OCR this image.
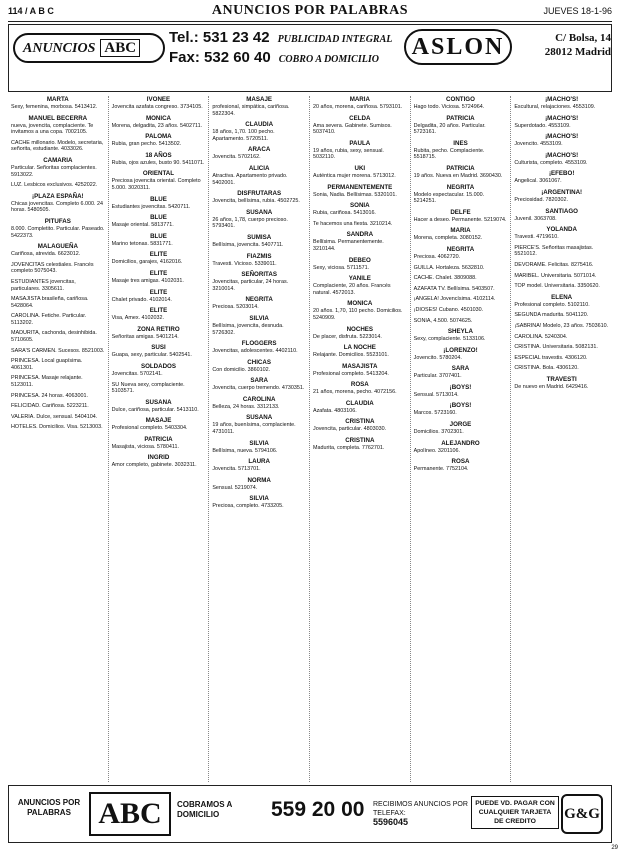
114 / A B C	ANUNCIOS POR PALABRAS	JUEVES 18-1-96
ANUNCIOS ABC
Tel.: 531 23 42 PUBLICIDAD INTEGRAL
Fax: 532 60 40 COBRO A DOMICILIO	ASLON	C/ Bolsa, 14
28012 Madrid
MARTA
Sexy, femenina, morbosa. 5413412.
MANUEL BECERRA
nueva, jovencita, complaciente. Te invitamos a una copa. 7002105.
CACHE millonario. Modelo, secretaria, señorita, estudiante. 4033026.
CAMARIA
Particular. Señoritas complacientes. 5913022.
LUZ. Lesbicos exclusivos. 4252022.
¡PLAZA ESPAÑA!
Chicas jovencitas. Completo 6.000. 24 horas. 5480505.
PITUFAS
8.000. Completito. Particular. Paseado. 5422373.
MALAGUEÑA
Cariñosa, atrevida. 6623012.
JOVENCITAS celestiales. Francés completo 5075043.
ESTUDIANTES jovencitas, particulares. 3305611.
MASAJISTA brasileña, cariñosa. 5428064.
CAROLINA. Fetiche. Particular. 5113202.
MADURITA, cachonda, desinhibida. 5710605.
SARA'S CARMEN. Sucesos. 8521003.
PRINCESA. Local guapísima. 4061301.
PRINCESA. Masaje relajante. 5123011.
PRINCESA. 24 horas. 4063001.
FELICIDAD. Cariñosa. 5223211.
VALERIA. Dulce, sensual. 5404104.
HOTELES. Domicilios. Visa. 5213003.
IVONEE
Jovencita azafata congreso. 3734105.
MONICA
Morena, delgadita, 23 años. 5402711.
PALOMA
Rubia, gran pecho. 5413502.
18 AÑOS
Rubia, ojos azules, busto 90. 5411071.
ORIENTAL
Preciosa jovencita oriental. Completo 5.000. 3020311.
BLUE
Estudiantes jovencitas. 5420711.
BLUE
Masaje oriental. 5813771.
BLUE
Marino tetonas. 5831771.
ELITE
Domicilios, garajes, 4162016.
ELITE
Masaje tres amigas. 4102031.
ELITE
Chalet privado. 4102014.
ELITE
Visa, Amex. 4102032.
ZONA RETIRO
Señoritas amigas. 5401214.
SUSI
Guapa, sexy, particular. 5402541.
SOLDADOS
Jovencitas. 5702141.
SU Nueva sexy, complaciente. 5103571.
SUSANA
Dulce, cariñosa, particular. 5413110.
MASAJE
Profesional completo. 5403304.
PATRICIA
Masajista, viciosa. 5780411.
INGRID
Amor completo, gabinete. 3032311.
MASAJE
profesional, simpática, cariñosa. 5822304.
CLAUDIA
18 años, 1,70. 100 pecho. Apartamento. 5720511.
ARACA
Jovencita. 5702162.
ALICIA
Atractiva. Apartamento privado. 5402001.
DISFRUTARAS
Jovencita, bellísima, rubia. 4502725.
SUSANA
26 años, 1,78, cuerpo precioso. 5793401.
SUMISA
Bellísima, jovencita. 5407711.
FIAZMIS
Travesti. Vicioso. 5339011.
SEÑORITAS
Jovencitas, particular, 24 horas. 3210014.
NEGRITA
Preciosa. 5203014.
SILVIA
Bellísima, jovencita, desnuda. 5726302.
FLOGGERS
Jovencitas, adolescentes. 4402110.
CHICAS
Con domicilio. 3860102.
SARA
Jovencita, cuerpo tremendo. 4730351.
CAROLINA
Belleza, 24 horas. 3312133.
SUSANA
19 años, buenísima, complaciente. 4731011.
SILVIA
Bellísima, nueva. 5794106.
LAURA
Jovencita. 5713701.
NORMA
Sensual. 5219074.
SILVIA
Preciosa, completo. 4733205.
MARIA
20 años, morena, cariñosa. 5793101.
CELDA
Ama severa. Gabinete. Sumisos. 5037410.
PAULA
19 años, rubia, sexy, sensual. 5032110.
UKI
Auténtica mujer morena. 5713012.
PERMANENTEMENTE
Sonia, Nadia. Bellísimas. 5320101.
SONIA
Rubia, cariñosa. 5413016.
Te hacemos una fiesta. 3210214.
SANDRA
Bellísima. Permanentemente. 3210144.
DEBEO
Sexy, viciosa. 5711571.
YANILE
Complaciente, 20 años. Francés natural. 4572013.
MONICA
20 años. 1,70, 110 pecho. Domicilios. 5240909.
NOCHES
De placer, disfruta. 5223014.
LA NOCHE
Relajante. Domicilios. 5523101.
MASAJISTA
Profesional completo. 5413204.
ROSA
21 años, morena, pecho. 4072156.
CLAUDIA
Azafata. 4803106.
CRISTINA
Jovencita, particular. 4803030.
CRISTINA
Madurita, completa. 7762701.
CONTIGO
Hago todo. Viciosa. 5724964.
PATRICIA
Delgadita, 20 años. Particular. 5723161.
INES
Rubita, pecho. Complaciente. 5518715.
PATRICIA
19 años. Nueva en Madrid. 3690430.
NEGRITA
Modelo espectacular. 15.000. 5214251.
DELFE
Hacer a deseo. Permanente. 5219074.
MARIA
Morena, completa. 3080152.
NEGRITA
Preciosa. 4062720.
GUILLA. Hortaleza. 5632810.
CACHE. Chalet. 3809088.
AZAFATA TV. Bellísima. 5403507.
¡ANGELA! Jovencísima. 4102114.
¡DIOSES! Cubano. 4501030.
SONIA, 4.500. 5074625.
SHEYLA
Sexy, complaciente. 5133106.
¡LORENZO!
Jovencito. 5780204.
SARA
Particular. 3707401.
¡BOYS!
Sensual. 5713014.
¡BOYS!
Marcos. 5723160.
JORGE
Domicilios. 3702301.
ALEJANDRO
Apolíneo. 3201106.
ROSA
Permanente. 7752104.
¡MACHO'S!
Escultural, relajaciones. 4553109.
¡MACHO'S!
Superdotado. 4553109.
¡MACHO'S!
Jovencito. 4553109.
¡MACHO'S!
Culturista, completo. 4553109.
¡EFEBO!
Angelical. 3061067.
¡ARGENTINA!
Preciosidad. 7820302.
SANTIAGO
Juvenil. 3063708.
YOLANDA
Travesti. 4719610.
PIERCE'S. Señoritas masajistas. 5521012.
DEVORAME. Felicitas. 8275416.
MARIBEL. Universitaria. 5071014.
TOP model. Universitaria. 3350620.
ELENA
Profesional completo. 5102110.
SEGUNDA madurita. 5041120.
¡SABRINA! Modelo, 23 años. 7503610.
CAROLINA. 5240304.
CRISTINA. Universitaria. 5082131.
ESPECIAL travestis. 4306120.
CRISTINA. Bola. 4306120.
TRAVESTI
De nuevo en Madrid. 6429416.
ANUNCIOS POR PALABRAS ABC	COBRAMOS A DOMICILIO	559 20 00	RECIBIMOS ANUNCIOS POR TELEFAX:
5596045
PUEDE VD. PAGAR CON CUALQUIER TARJETA DE CREDITO	G&G
29
